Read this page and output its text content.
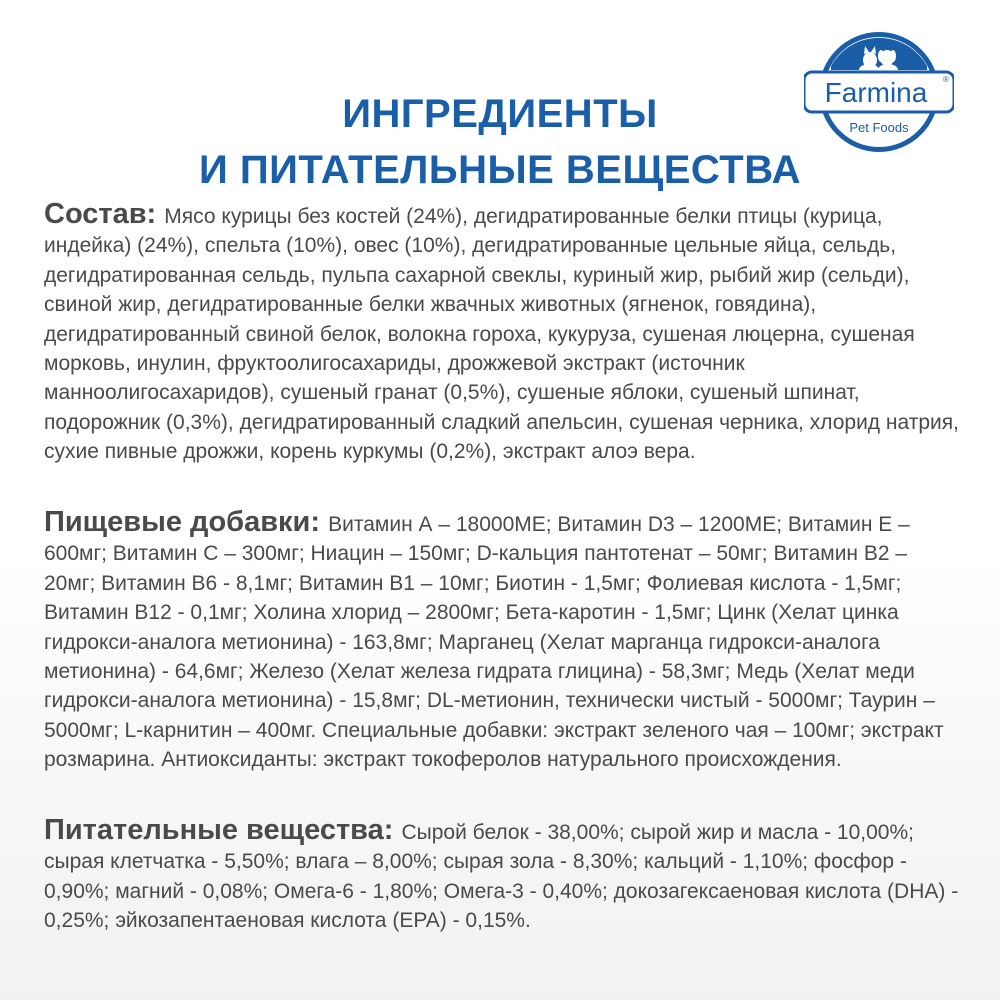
ИНГРЕДИЕНТЫ
И ПИТАТЕЛЬНЫЕ ВЕЩЕСТВА
Farmina ®
Pet Foods
Состав: Мясо курицы без костей (24%), дегидратированные белки птицы (курица, индейка) (24%), спельта (10%), овес (10%), дегидратированные цельные яйца, сельдь, дегидратированная сельдь, пульпа сахарной свеклы, куриный жир, рыбий жир (сельди), свиной жир, дегидратированные белки жвачных животных (ягненок, говядина), дегидратированный свиной белок, волокна гороха, кукуруза, сушеная люцерна, сушеная морковь, инулин, фруктоолигосахариды, дрожжевой экстракт (источник манноолигосахаридов), сушеный гранат (0,5%), сушеные яблоки, сушеный шпинат, подорожник (0,3%), дегидратированный сладкий апельсин, сушеная черника, хлорид натрия, сухие пивные дрожжи, корень куркумы (0,2%), экстракт алоэ вера.
Пищевые добавки: Витамин А – 18000МЕ; Витамин D3 – 1200МЕ; Витамин Е – 600мг; Витамин С – 300мг; Ниацин – 150мг; D-кальция пантотенат – 50мг; Витамин В2 – 20мг; Витамин В6 - 8,1мг; Витамин В1 – 10мг; Биотин - 1,5мг; Фолиевая кислота - 1,5мг; Витамин В12 - 0,1мг; Холина хлорид – 2800мг; Бета-каротин - 1,5мг; Цинк (Хелат цинка гидрокси-аналога метионина) - 163,8мг; Марганец (Хелат марганца гидрокси-аналога метионина) - 64,6мг; Железо (Хелат железа гидрата глицина) - 58,3мг; Медь (Хелат меди гидрокси-аналога метионина) - 15,8мг; DL-метионин, технически чистый - 5000мг; Таурин – 5000мг; L-карнитин – 400мг. Специальные добавки: экстракт зеленого чая – 100мг; экстракт розмарина. Антиоксиданты: экстракт токоферолов натурального происхождения.
Питательные вещества: Сырой белок - 38,00%; сырой жир и масла - 10,00%; сырая клетчатка - 5,50%; влага – 8,00%; сырая зола - 8,30%; кальций - 1,10%; фосфор - 0,90%; магний - 0,08%; Омега-6 - 1,80%; Омега-3 - 0,40%; докозагексаеновая кислота (DHA) - 0,25%; эйкозапентаеновая кислота (EPA) - 0,15%.
